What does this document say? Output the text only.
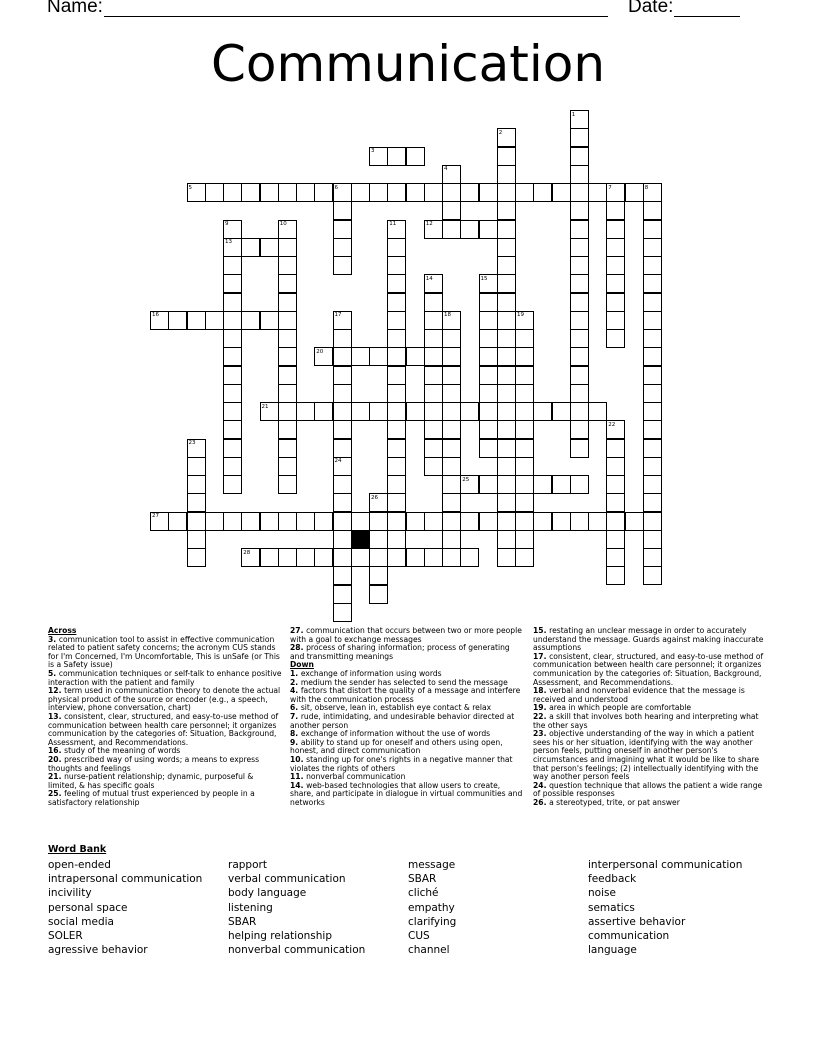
Name:	Date:
Communication
1
2
3
4
5	6	7	8
9	10	11	12
13
14	15
16	17	18	19
20
21
22
23
24
25
26
27
28

Across

3. communication tool to assist in effective communication related to patient safety concerns; the acronym CUS stands for I'm Concerned, I'm Uncomfortable, This is unSafe (or This is a Safety issue)

5. communication techniques or self-talk to enhance positive interaction with the patient and family

12. term used in communication theory to denote the actual physical product of the source or encoder (e.g., a speech, interview, phone conversation, chart)

13. consistent, clear, structured, and easy-to-use method of communication between health care personnel; it organizes communication by the categories of: Situation, Background, Assessment, and Recommendations.

16. study of the meaning of words

20. prescribed way of using words; a means to express thoughts and feelings

21. nurse-patient relationship; dynamic, purposeful & limited, & has specific goals

25. feeling of mutual trust experienced by people in a satisfactory relationship

27. communication that occurs between two or more people with a goal to exchange messages

28. process of sharing information; process of generating and transmitting meanings

Down

1. exchange of information using words

2. medium the sender has selected to send the message

4. factors that distort the quality of a message and interfere with the communication process

6. sit, observe, lean in, establish eye contact & relax

7. rude, intimidating, and undesirable behavior directed at another person

8. exchange of information without the use of words

9. ability to stand up for oneself and others using open, honest, and direct communication

10. standing up for one's rights in a negative manner that violates the rights of others

11. nonverbal communication

14. web-based technologies that allow users to create, share, and participate in dialogue in virtual communities and networks

15. restating an unclear message in order to accurately understand the message. Guards against making inaccurate assumptions

17. consistent, clear, structured, and easy-to-use method of communication between health care personnel; it organizes communication by the categories of: Situation, Background, Assessment, and Recommendations.

18. verbal and nonverbal evidence that the message is received and understood

19. area in which people are comfortable

22. a skill that involves both hearing and interpreting what the other says

23. objective understanding of the way in which a patient sees his or her situation, identifying with the way another person feels, putting oneself in another person's circumstances and imagining what it would be like to share that person's feelings; (2) intellectually identifying with the way another person feels

24. question technique that allows the patient a wide range of possible responses

26. a stereotyped, trite, or pat answer

Word Bank
open-ended
intrapersonal communication
incivility
personal space
social media
SOLER
agressive behavior
rapport
verbal communication
body language
listening
SBAR
helping relationship
nonverbal communication
message
SBAR
cliché
empathy
clarifying
CUS
channel
interpersonal communication
feedback
noise
sematics
assertive behavior
communication
language
